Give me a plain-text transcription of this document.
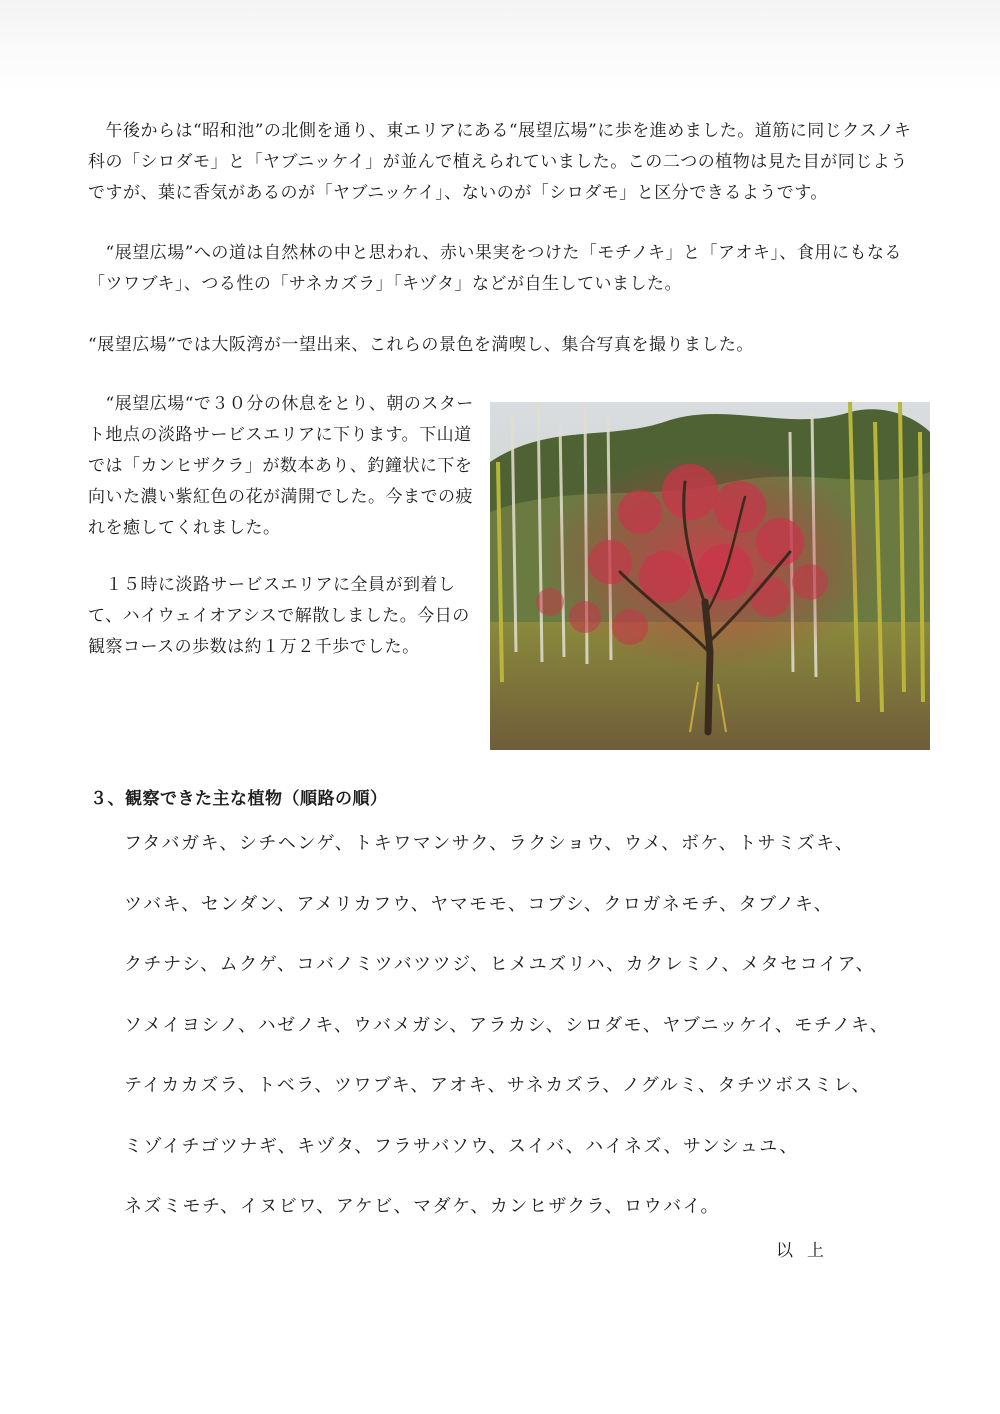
　午後からは“昭和池”の北側を通り、東エリアにある“展望広場”に歩を進めました。道筋に同じクスノキ科の「シロダモ」と「ヤブニッケイ」が並んで植えられていました。この二つの植物は見た目が同じようですが、葉に香気があるのが「ヤブニッケイ」、ないのが「シロダモ」と区分できるようです。

　“展望広場”への道は自然林の中と思われ、赤い果実をつけた「モチノキ」と「アオキ」、食用にもなる「ツワブキ」、つる性の「サネカズラ」「キヅタ」などが自生していました。

“展望広場”では大阪湾が一望出来、これらの景色を満喫し、集合写真を撮りました。

　“展望広場“で３０分の休息をとり、朝のスタート地点の淡路サービスエリアに下ります。下山道では「カンヒザクラ」が数本あり、釣鐘状に下を向いた濃い紫紅色の花が満開でした。今までの疲れを癒してくれました。

　１５時に淡路サービスエリアに全員が到着して、ハイウェイオアシスで解散しました。今日の観察コースの歩数は約１万２千歩でした。

３、観察できた主な植物（順路の順）

フタバガキ、シチヘンゲ、トキワマンサク、ラクショウ、ウメ、ボケ、トサミズキ、
ツバキ、センダン、アメリカフウ、ヤマモモ、コブシ、クロガネモチ、タブノキ、
クチナシ、ムクゲ、コバノミツバツツジ、ヒメユズリハ、カクレミノ、メタセコイア、
ソメイヨシノ、ハゼノキ、ウバメガシ、アラカシ、シロダモ、ヤブニッケイ、モチノキ、
テイカカズラ、トベラ、ツワブキ、アオキ、サネカズラ、ノグルミ、タチツボスミレ、
ミゾイチゴツナギ、キヅタ、フラサバソウ、スイバ、ハイネズ、サンシュユ、
ネズミモチ、イヌビワ、アケビ、マダケ、カンヒザクラ、ロウバイ。

以上
